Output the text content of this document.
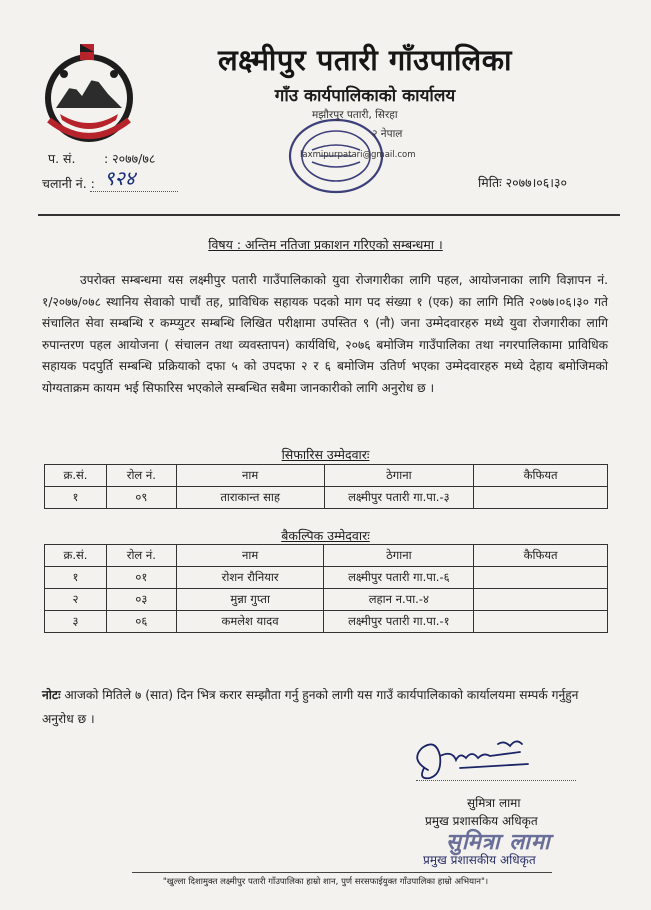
लक्ष्मीपुर पतारी गाँउपालिका
गाँउ कार्यपालिकाको कार्यालय
मझौरपुर पतारी, सिरहा
२ नेपाल
laxmipurpatari@gmail.com
प. सं. : २०७७/७८
चलानी नं. : ९२४	मितिः २०७७।०६।३०
विषय : अन्तिम नतिजा प्रकाशन गरिएको सम्बन्धमा ।
उपरोक्त सम्बन्धमा यस लक्ष्मीपुर पतारी गाउँपालिकाको युवा रोजगारीका लागि पहल, आयोजनाका लागि विज्ञापन नं. १/२०७७/०७८ स्थानिय सेवाको पाचौं तह, प्राविधिक सहायक पदको माग पद संख्या १ (एक) का लागि मिति २०७७।०६।३० गते संचालित सेवा सम्बन्धि र कम्प्युटर सम्बन्धि लिखित परीक्षामा उपस्तित ९ (नौ) जना उम्मेदवारहरु मध्ये युवा रोजगारीका लागि रुपान्तरण पहल आयोजना ( संचालन तथा व्यवस्तापन) कार्यविधि, २०७६ बमोजिम गाउँपालिका तथा नगरपालिकामा प्राविधिक सहायक पदपुर्ति सम्बन्धि प्रक्रियाको दफा ५ को उपदफा २ र ६ बमोजिम उतिर्ण भएका उम्मेदवारहरु मध्ये देहाय बमोजिमको योग्यताक्रम कायम भई सिफारिस भएकोले सम्बन्धित सबैमा जानकारीको लागि अनुरोध छ ।
सिफारिस उम्मेदवारः
क्र.सं.	रोल नं.	नाम	ठेगाना	कैफियत
१	०९	ताराकान्त साह	लक्ष्मीपुर पतारी गा.पा.-३	
बैकल्पिक उम्मेदवारः
क्र.सं.	रोल नं.	नाम	ठेगाना	कैफियत
१	०१	रोशन रौनियार	लक्ष्मीपुर पतारी गा.पा.-६	
२	०३	मुन्ना गुप्ता	लहान न.पा.-४	
३	०६	कमलेश यादव	लक्ष्मीपुर पतारी गा.पा.-१	
नोटः आजको मितिले ७ (सात) दिन भित्र करार सम्झौता गर्नु हुनको लागी यस गाउँ कार्यपालिकाको कार्यालयमा सम्पर्क गर्नुहुन अनुरोध छ ।
सुमित्रा लामा
प्रमुख प्रशासकिय अधिकृत
सुमित्रा लामा
प्रमुख प्रशासकीय अधिकृत
"खुल्ला दिशामुक्त लक्ष्मीपुर पतारी गाँउपालिका हाम्रो शान, पुर्ण सरसफाईयुक्त गाँउपालिका हाम्रो अभियान"।
